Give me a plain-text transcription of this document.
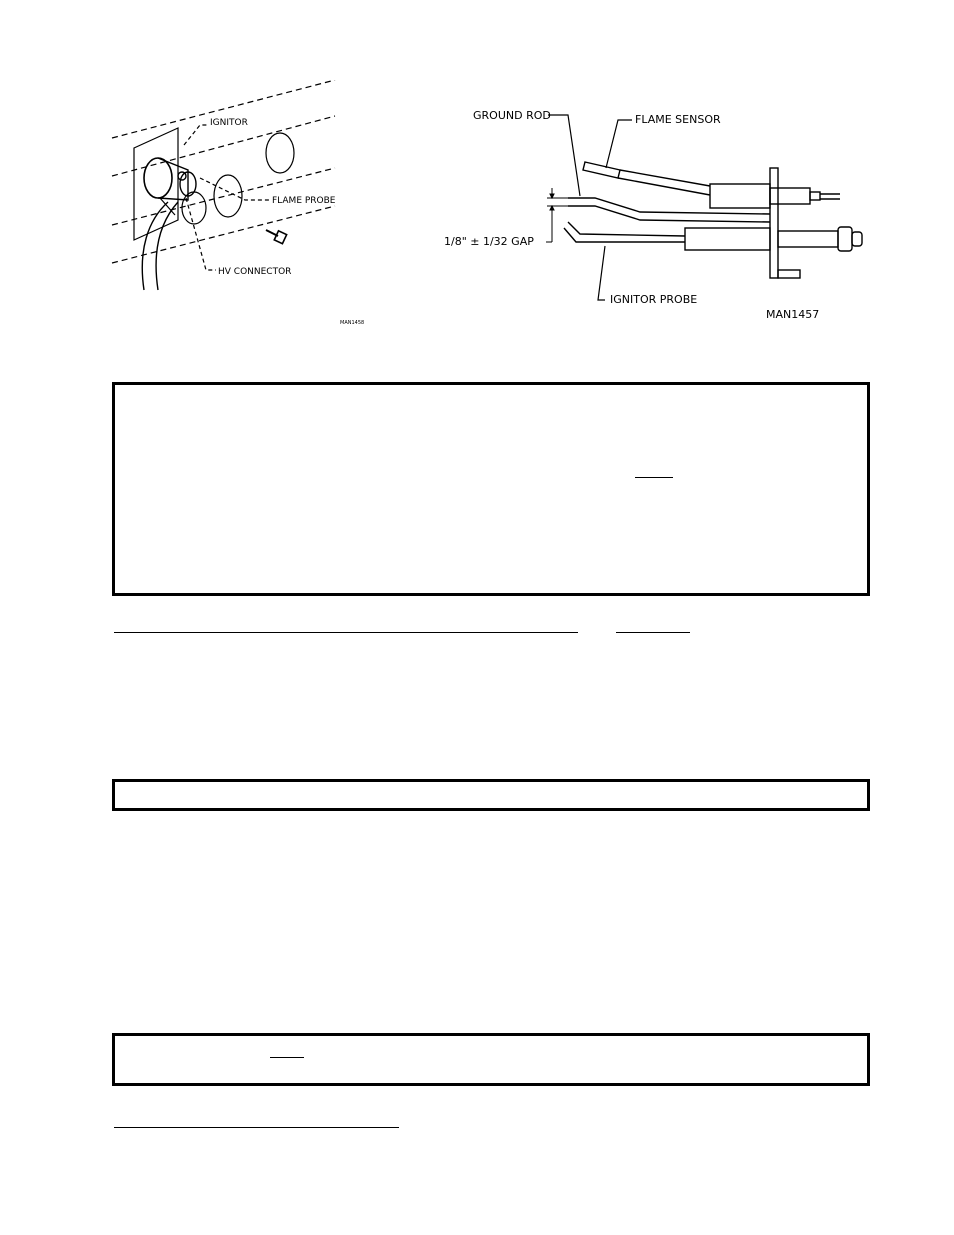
IGNITOR
FLAME PROBE
HV CONNECTOR
MAN1458
GROUND ROD	FLAME SENSOR
1/8" ± 1/32 GAP
IGNITOR PROBE
MAN1457
